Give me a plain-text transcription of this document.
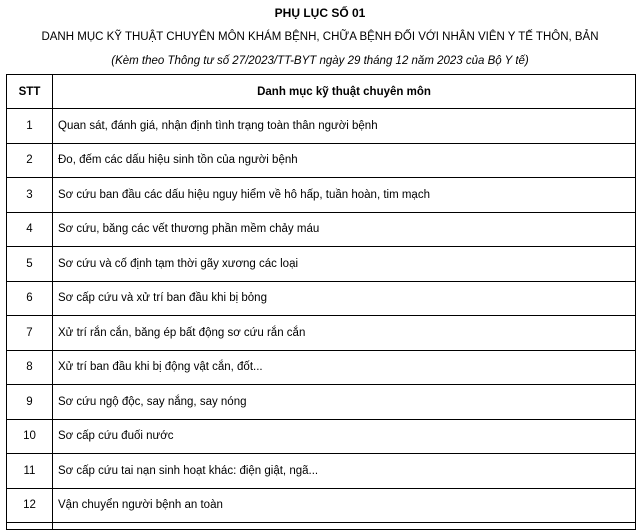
PHỤ LỤC SỐ 01
DANH MỤC KỸ THUẬT CHUYÊN MÔN KHÁM BỆNH, CHỮA BỆNH ĐỐI VỚI NHÂN VIÊN Y TẾ THÔN, BẢN
(Kèm theo Thông tư số 27/2023/TT-BYT ngày 29 tháng 12 năm 2023 của Bộ Y tế)
STT	Danh mục kỹ thuật chuyên môn
1	Quan sát, đánh giá, nhận định tình trạng toàn thân người bệnh
2	Đo, đếm các dấu hiệu sinh tồn của người bệnh
3	Sơ cứu ban đầu các dấu hiệu nguy hiểm về hô hấp, tuần hoàn, tim mạch
4	Sơ cứu, băng các vết thương phần mềm chảy máu
5	Sơ cứu và cố định tạm thời gãy xương các loại
6	Sơ cấp cứu và xử trí ban đầu khi bị bỏng
7	Xử trí rắn cắn, băng ép bất động sơ cứu rắn cắn
8	Xử trí ban đầu khi bị động vật cắn, đốt...
9	Sơ cứu ngộ độc, say nắng, say nóng
10	Sơ cấp cứu đuối nước
11	Sơ cấp cứu tai nạn sinh hoạt khác: điện giật, ngã...
12	Vận chuyển người bệnh an toàn
